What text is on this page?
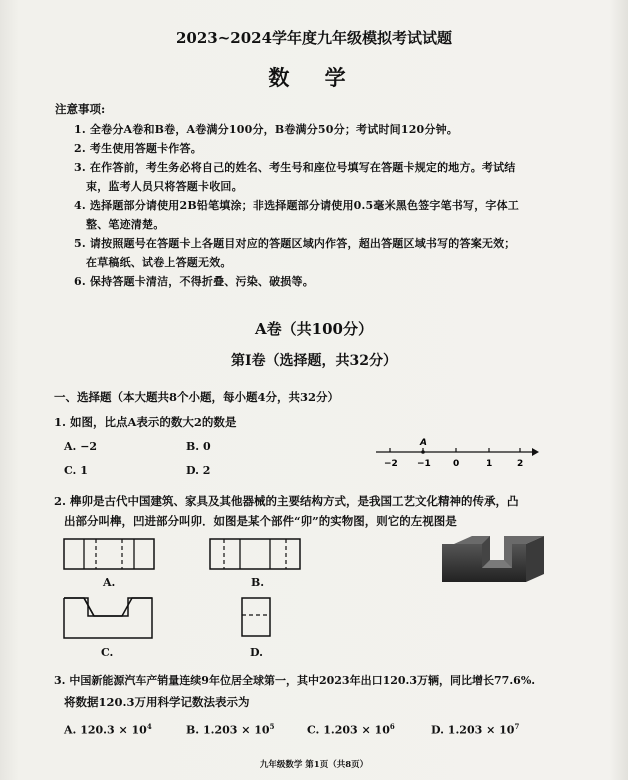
2023~2024学年度九年级模拟考试试题
数 学
注意事项:
1. 全卷分A卷和B卷，A卷满分100分，B卷满分50分；考试时间120分钟。
2. 考生使用答题卡作答。
3. 在作答前，考生务必将自己的姓名、考生号和座位号填写在答题卡规定的地方。考试结
束，监考人员只将答题卡收回。
4. 选择题部分请使用2B铅笔填涂；非选择题部分请使用0.5毫米黑色签字笔书写，字体工
整、笔迹清楚。
5. 请按照题号在答题卡上各题目对应的答题区域内作答，超出答题区域书写的答案无效；
在草稿纸、试卷上答题无效。
6. 保持答题卡清洁，不得折叠、污染、破损等。
A卷（共100分）
第Ⅰ卷（选择题，共32分）
一、选择题（本大题共8个小题，每小题4分，共32分）
1. 如图，比点A表示的数大2的数是
A. −2	B. 0
C. 1	D. 2
A
−2 −1 0	1	2
2. 榫卯是古代中国建筑、家具及其他器械的主要结构方式，是我国工艺文化精神的传承，凸
出部分叫榫，凹进部分叫卯．如图是某个部件“卯”的实物图，则它的左视图是
A.	B.
C.	D.
3. 中国新能源汽车产销量连续9年位居全球第一，其中2023年出口120.3万辆，同比增长77.6%.
将数据120.3万用科学记数法表示为
A. $120.3 \times 10^4$	B. $1.203 \times 10^5$	C. $1.203 \times 10^6$	D. $1.203 \times 10^7$
九年级数学 第1页（共8页）
